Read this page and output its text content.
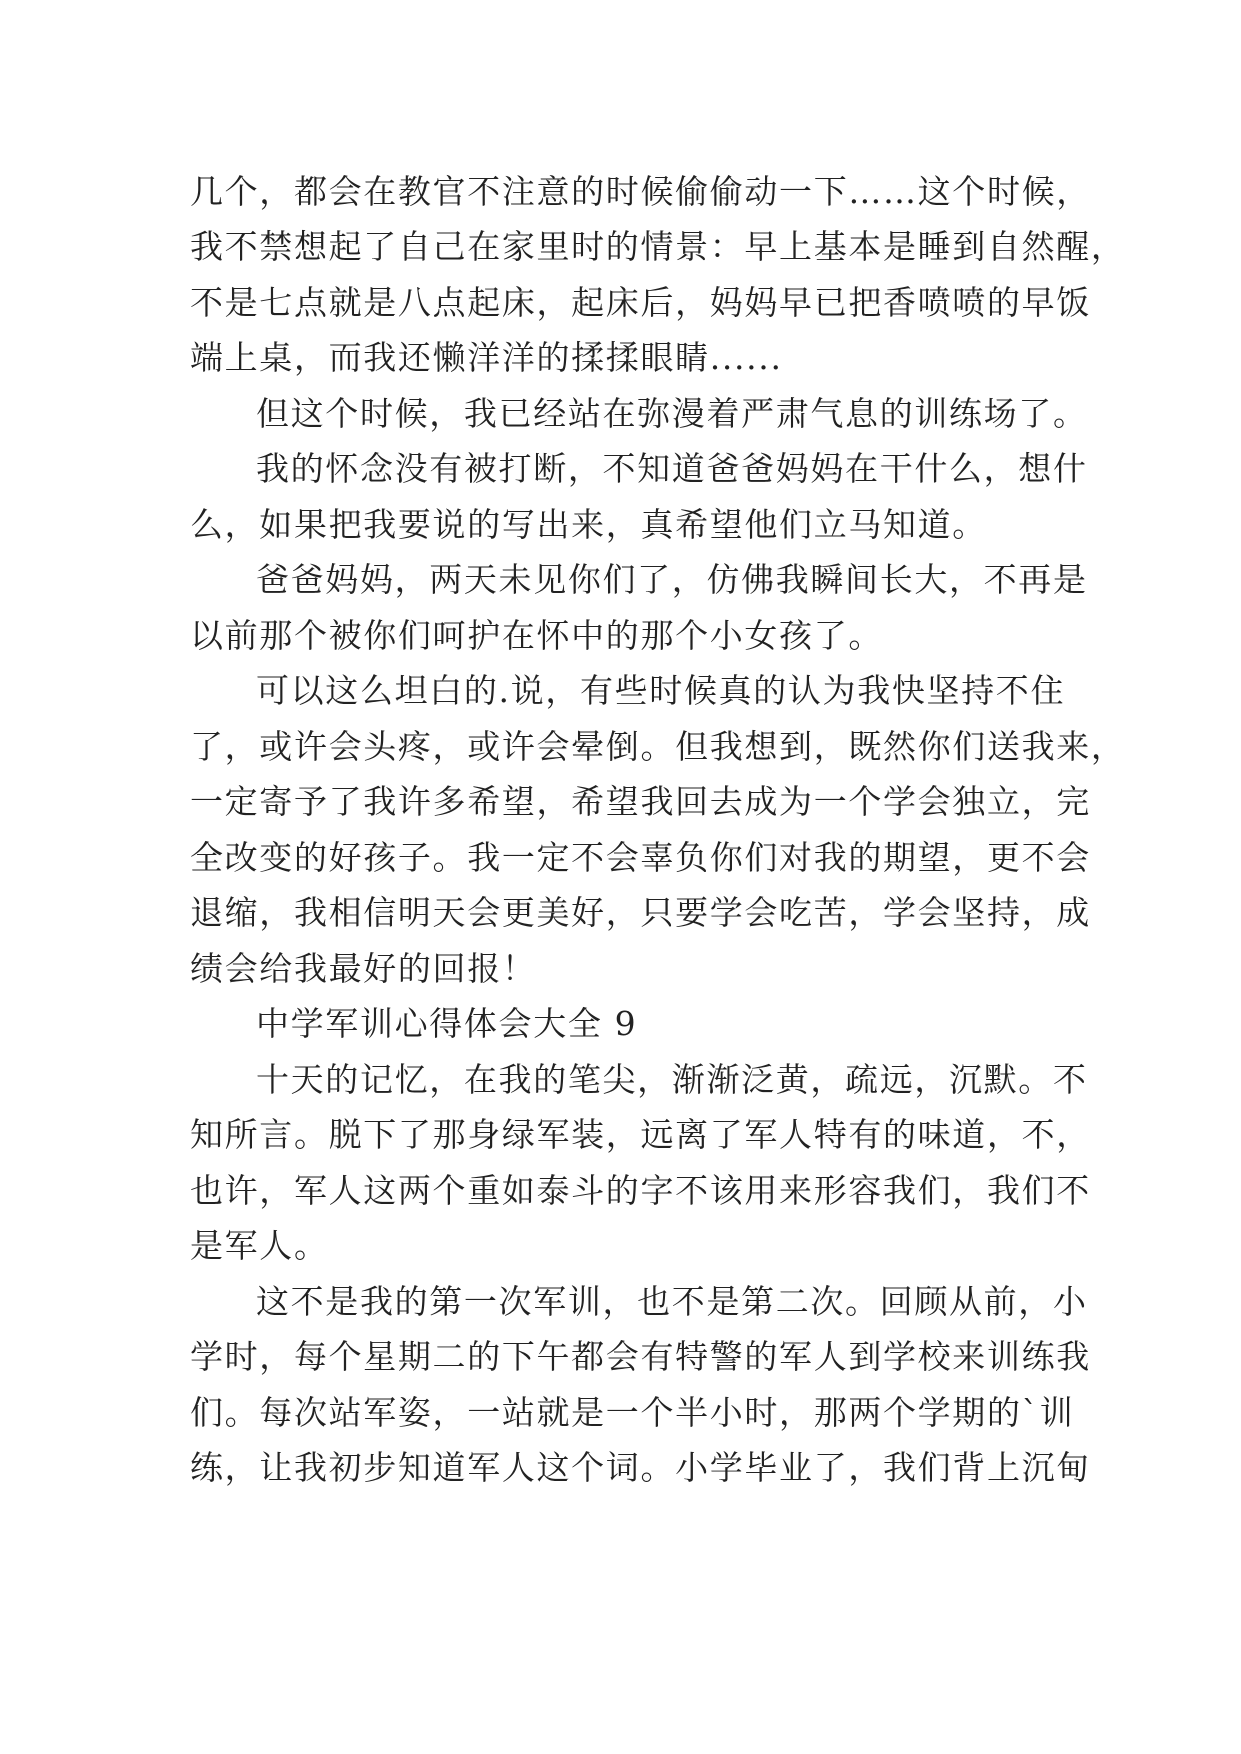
几个，都会在教官不注意的时候偷偷动一下……这个时候，
我不禁想起了自己在家里时的情景：早上基本是睡到自然醒，
不是七点就是八点起床，起床后，妈妈早已把香喷喷的早饭
端上桌，而我还懒洋洋的揉揉眼睛......
但这个时候，我已经站在弥漫着严肃气息的训练场了。
我的怀念没有被打断，不知道爸爸妈妈在干什么，想什
么，如果把我要说的写出来，真希望他们立马知道。
爸爸妈妈，两天未见你们了，仿佛我瞬间长大，不再是
以前那个被你们呵护在怀中的那个小女孩了。
可以这么坦白的.说，有些时候真的认为我快坚持不住
了，或许会头疼，或许会晕倒。但我想到，既然你们送我来，
一定寄予了我许多希望，希望我回去成为一个学会独立，完
全改变的好孩子。我一定不会辜负你们对我的期望，更不会
退缩，我相信明天会更美好，只要学会吃苦，学会坚持，成
绩会给我最好的回报！
中学军训心得体会大全 9
十天的记忆，在我的笔尖，渐渐泛黄，疏远，沉默。不
知所言。脱下了那身绿军装，远离了军人特有的味道，不，
也许，军人这两个重如泰斗的字不该用来形容我们，我们不
是军人。
这不是我的第一次军训，也不是第二次。回顾从前，小
学时，每个星期二的下午都会有特警的军人到学校来训练我
们。每次站军姿，一站就是一个半小时，那两个学期的`训
练，让我初步知道军人这个词。小学毕业了，我们背上沉甸
